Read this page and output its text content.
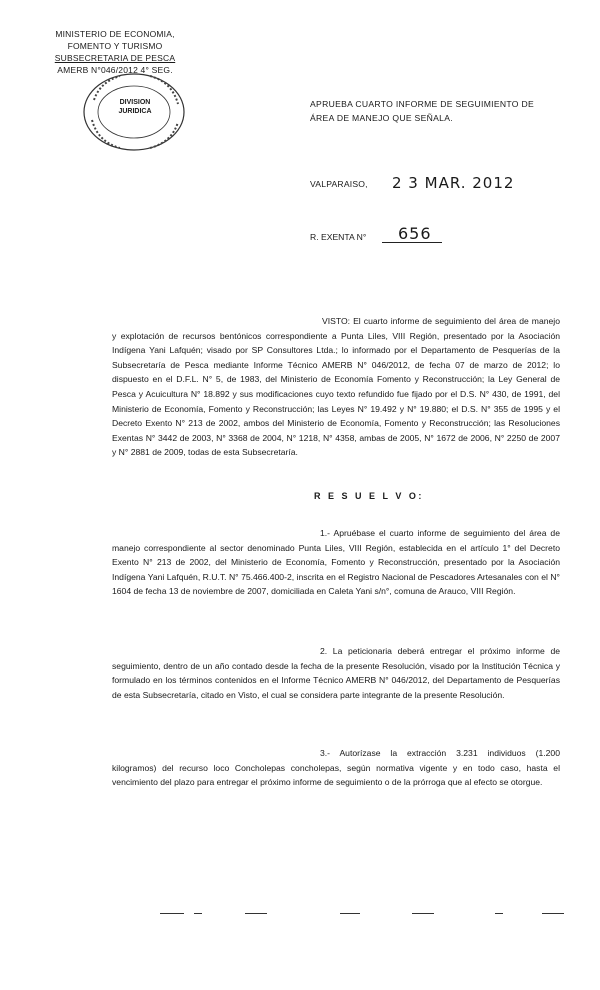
MINISTERIO DE ECONOMIA,
FOMENTO Y TURISMO
SUBSECRETARIA DE PESCA
AMERB N°046/2012 4° SEG.
DIVISION
JURIDICA
APRUEBA CUARTO INFORME DE SEGUIMIENTO DE ÁREA DE MANEJO QUE SEÑALA.
VALPARAISO, 2 3 MAR. 2012
R. EXENTA N° 656

VISTO: El cuarto informe de seguimiento del área de manejo y explotación de recursos bentónicos correspondiente a Punta Liles, VIII Región, presentado por la Asociación Indígena Yani Lafquén; visado por SP Consultores Ltda.; lo informado por el Departamento de Pesquerías de la Subsecretaría de Pesca mediante Informe Técnico AMERB N° 046/2012, de fecha 07 de marzo de 2012; lo dispuesto en el D.F.L. N° 5, de 1983, del Ministerio de Economía Fomento y Reconstrucción; la Ley General de Pesca y Acuicultura N° 18.892 y sus modificaciones cuyo texto refundido fue fijado por el D.S. N° 430, de 1991, del Ministerio de Economía, Fomento y Reconstrucción; las Leyes N° 19.492 y N° 19.880; el D.S. N° 355 de 1995 y el Decreto Exento N° 213 de 2002, ambos del Ministerio de Economía, Fomento y Reconstrucción; las Resoluciones Exentas N° 3442 de 2003, N° 3368 de 2004, N° 1218, N° 4358, ambas de 2005, N° 1672 de 2006, N° 2250 de 2007 y N° 2881 de 2009, todas de esta Subsecretaría.

R E S U E L V O:

1.- Apruébase el cuarto informe de seguimiento del área de manejo correspondiente al sector denominado Punta Liles, VIII Región, establecida en el artículo 1° del Decreto Exento N° 213 de 2002, del Ministerio de Economía, Fomento y Reconstrucción, presentado por la Asociación Indígena Yani Lafquén, R.U.T. N° 75.466.400-2, inscrita en el Registro Nacional de Pescadores Artesanales con el N° 1604 de fecha 13 de noviembre de 2007, domiciliada en Caleta Yani s/n°, comuna de Arauco, VIII Región.

2. La peticionaria deberá entregar el próximo informe de seguimiento, dentro de un año contado desde la fecha de la presente Resolución, visado por la Institución Técnica y formulado en los términos contenidos en el Informe Técnico AMERB N° 046/2012, del Departamento de Pesquerías de esta Subsecretaría, citado en Visto, el cual se considera parte integrante de la presente Resolución.

3.- Autorízase la extracción 3.231 individuos (1.200 kilogramos) del recurso loco Concholepas concholepas, según normativa vigente y en todo caso, hasta el vencimiento del plazo para entregar el próximo informe de seguimiento o de la prórroga que al efecto se otorgue.
